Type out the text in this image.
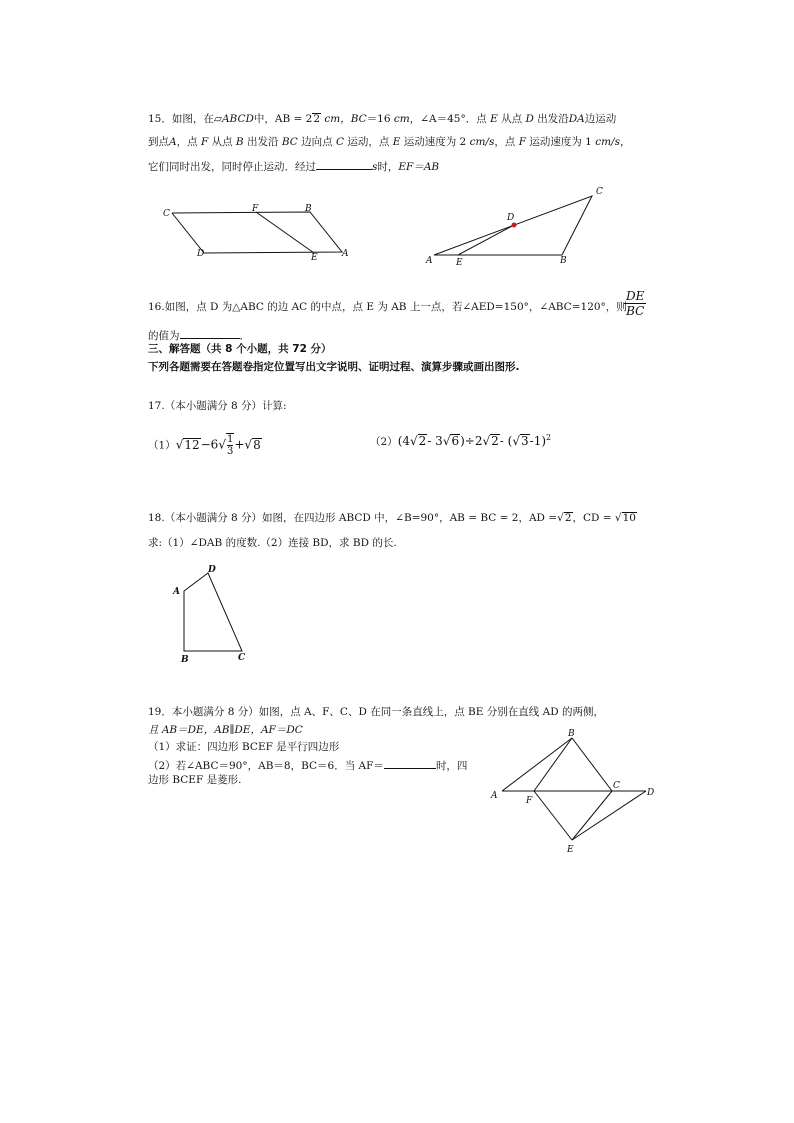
15．如图，在▱ABCD中，AB = 22 cm，BC＝16 cm，∠A＝45°．点 E 从点 D 出发沿DA边运动
到点A，点 F 从点 B 出发沿 BC 边向点 C 运动，点 E 运动速度为 2 cm/s，点 F 运动速度为 1 cm/s，
它们同时出发，同时停止运动．经过	s时，EF＝AB
C	F	B
D	E	A
C
D
A	E	B
16.如图，点 D 为△ABC 的边 AC 的中点，点 E 为 AB 上一点，若∠AED=150°，∠ABC=120°，则
$\frac{DE}{BC}$
的值为	．
三、解答题（共 8 个小题，共 72 分）
下列各题需要在答题卷指定位置写出文字说明、证明过程、演算步骤或画出图形.
17.（本小题满分 8 分）计算:
$(1)√12-6√ \frac{1}{3} +√8$	（2）(4√2- 3√6)÷2√2- $(√3-1)^2$
18.（本小题满分 8 分）如图，在四边形 ABCD 中，∠B=90°，AB = BC = 2，AD =√2，CD = √10
求:（1）∠DAB 的度数.（2）连接 BD，求 BD 的长.
D
A
B	C
19．本小题满分 8 分）如图，点 A、F、C、D 在同一条直线上，点 BE 分别在直线 AD 的两侧，
且 AB＝DE，AB∥DE，AF＝DC
（1）求证：四边形 BCEF 是平行四边形
（2）若∠ABC＝90°，AB＝8，BC＝6．当 AF＝	时，四
边形 BCEF 是菱形.
B
A	F
C
D
E
